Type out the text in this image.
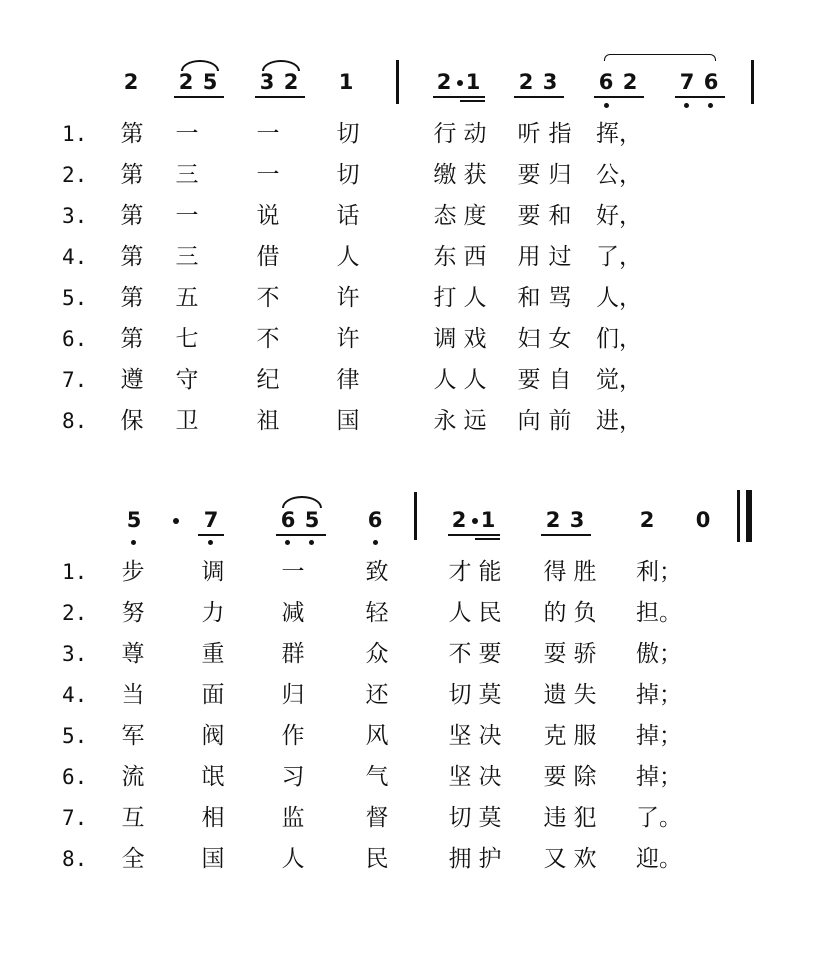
2 2 5 3 2 1	2 1 2 3 6 2 7 6
1.	第 一	一 切	行 动 听 指 挥，
2.	第 三	一 切	缴 获 要 归 公，
3.	第 一	说 话	态 度 要 和 好，
4.	第 三	借 人	东 西 用 过 了，
5.	第 五	不 许	打 人 和 骂 人，
6.	第 七	不 许	调 戏 妇 女 们，
7.	遵 守	纪 律	人 人 要 自 觉，
8.	保 卫	祖 国	永 远 向 前 进，
5	7	6 5 6	2 1 2 3	2 0
1.	步 调 一	致	才 能 得 胜 利；
2.	努 力 减	轻	人 民 的 负 担。
3.	尊 重 群	众	不 要 耍 骄 傲；
4.	当 面 归	还	切 莫 遗 失 掉；
5.	军 阀 作	风	坚 决 克 服 掉；
6.	流 氓 习	气	坚 决 要 除 掉；
7.	互 相 监	督	切 莫 违 犯 了。
8.	全 国 人	民	拥 护 又 欢 迎。
